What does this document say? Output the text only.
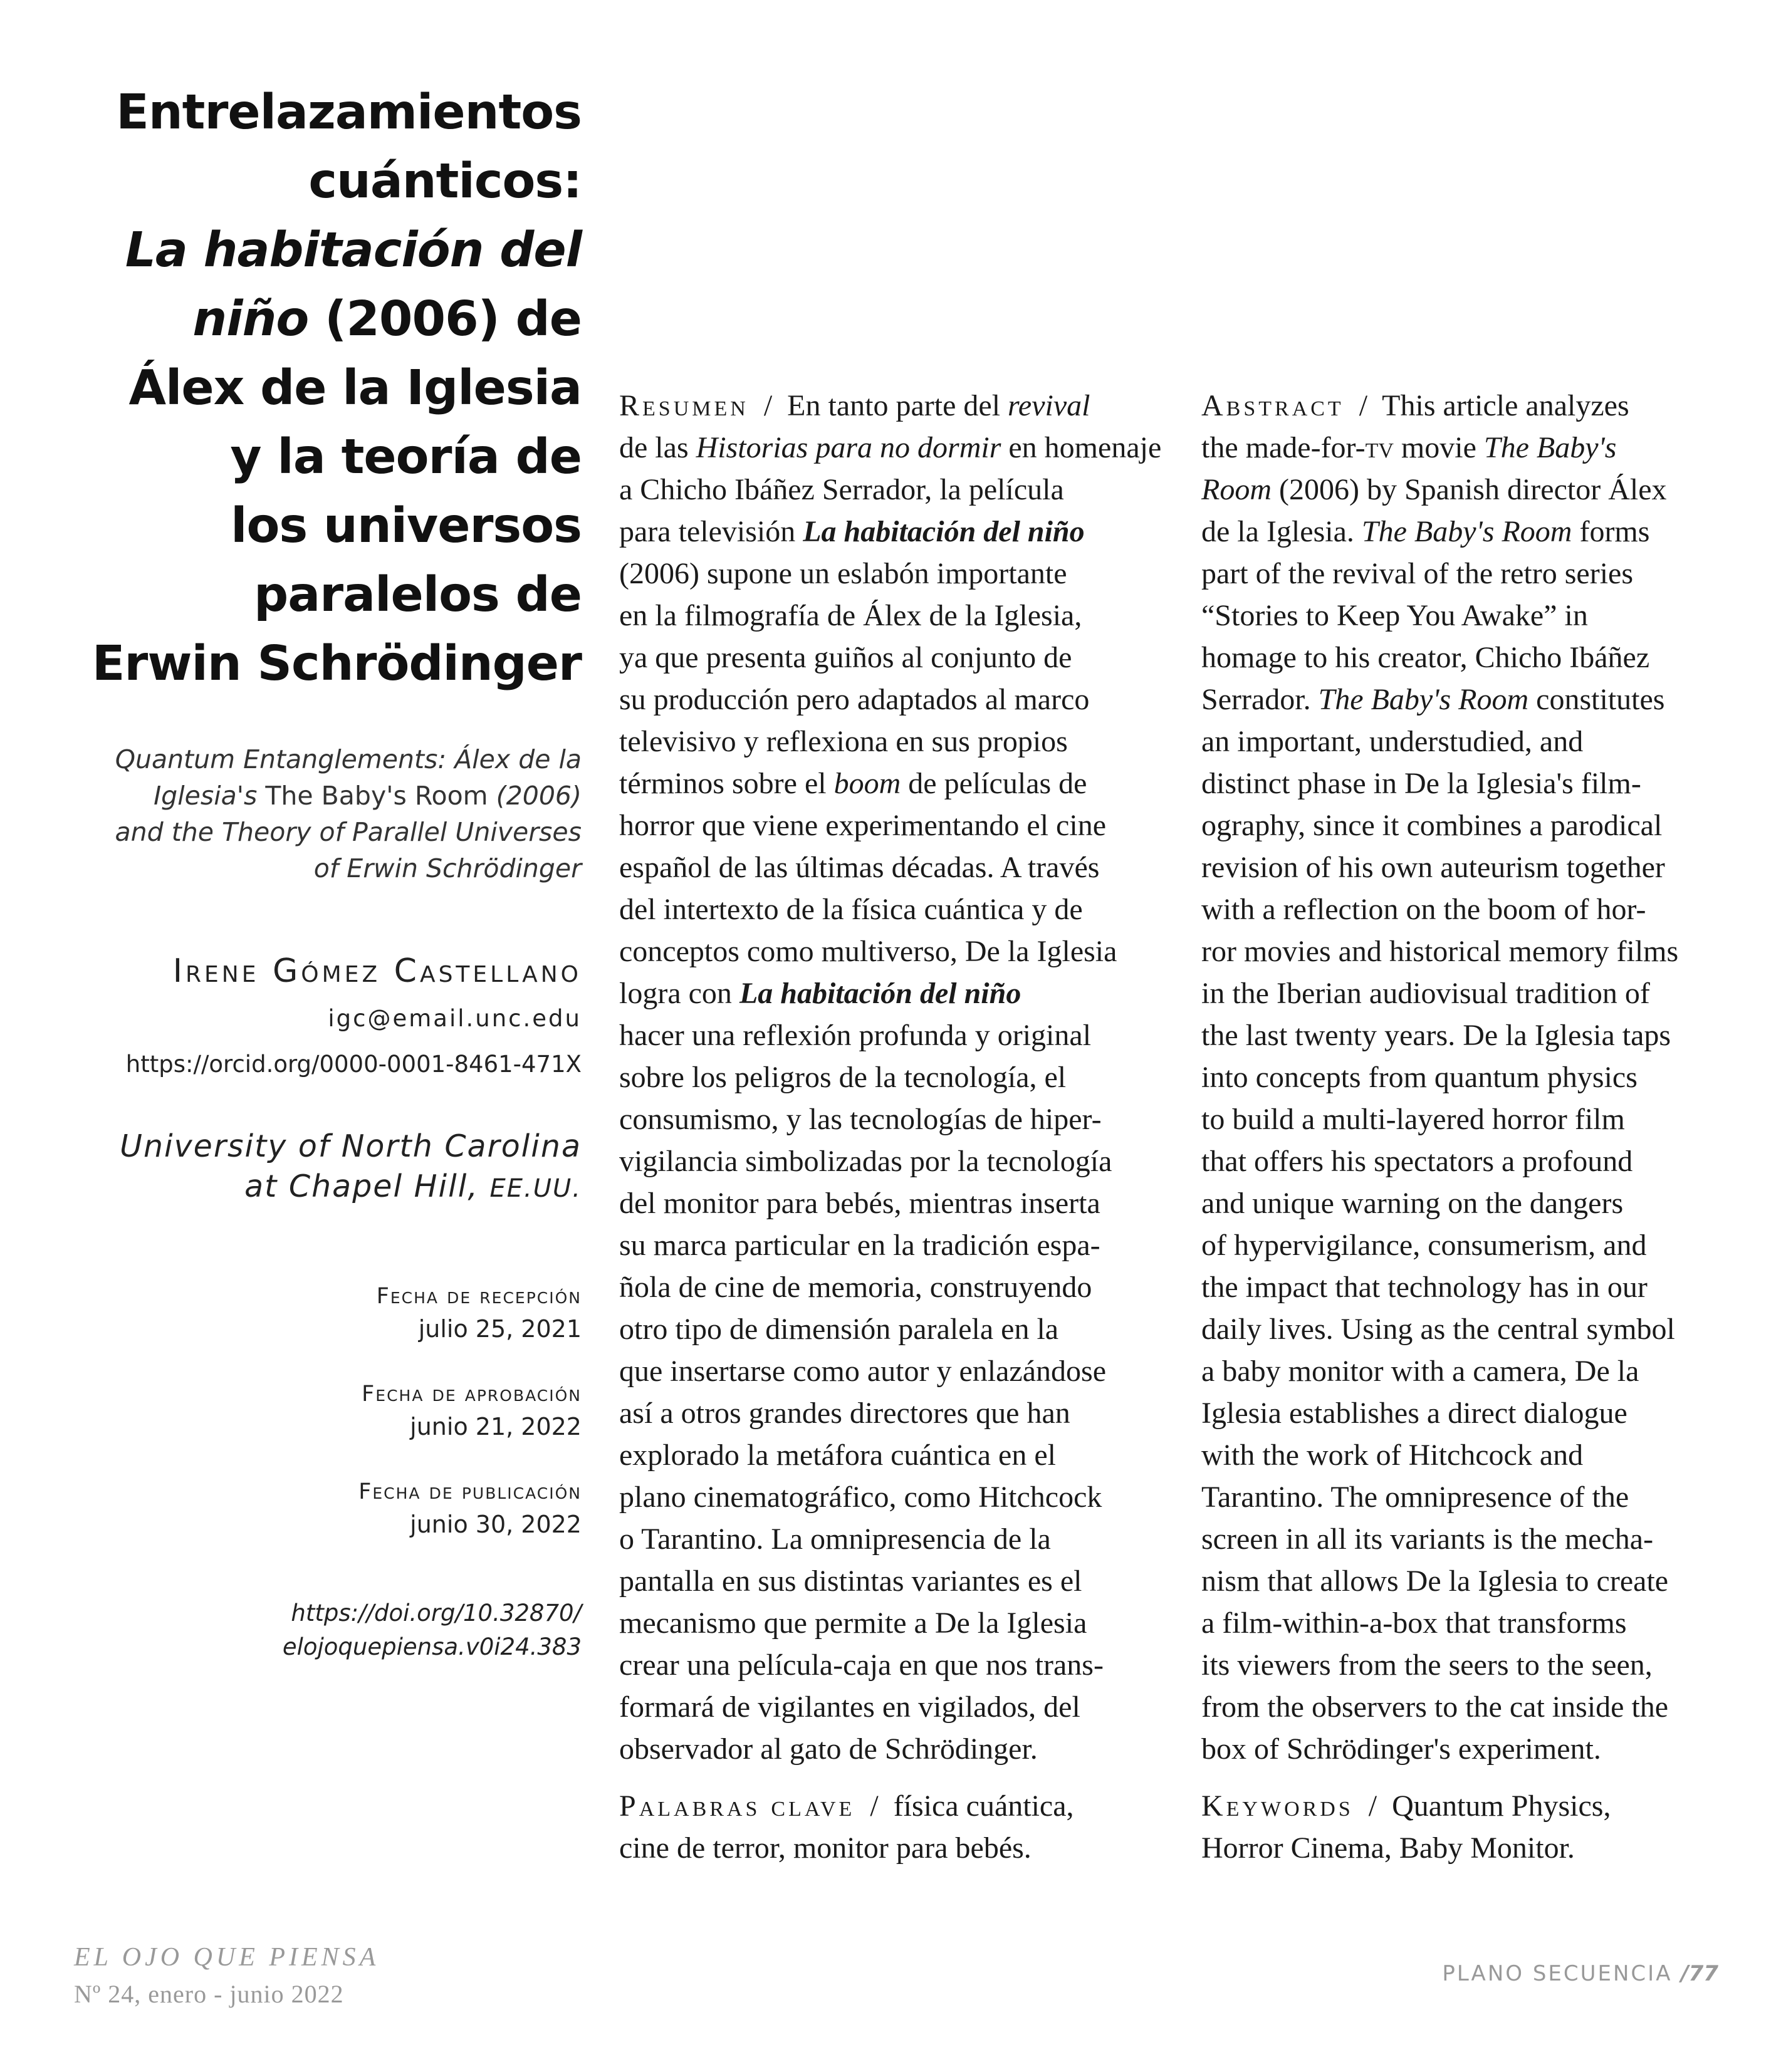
Entrelazamientos
cuánticos:
La habitación del
niño (2006) de
Álex de la Iglesia
y la teoría de
los universos
paralelos de
Erwin Schrödinger
Quantum Entanglements: Álex de la
Iglesia's The Baby's Room (2006)
and the Theory of Parallel Universes
of Erwin Schrödinger
Irene Gómez Castellano
igc@email.unc.edu
https://orcid.org/0000-0001-8461-471X
University of North Carolina
at Chapel Hill, EE.UU.
Fecha de recepción
julio 25, 2021
Fecha de aprobación
junio 21, 2022
Fecha de publicación
junio 30, 2022
https://doi.org/10.32870/
elojoquepiensa.v0i24.383
Resumen  /  En tanto parte del revival
de las Historias para no dormir en homenaje
a Chicho Ibáñez Serrador, la película
para televisión La habitación del niño
(2006) supone un eslabón importante
en la filmografía de Álex de la Iglesia,
ya que presenta guiños al conjunto de
su producción pero adaptados al marco
televisivo y reflexiona en sus propios
términos sobre el boom de películas de
horror que viene experimentando el cine
español de las últimas décadas. A través
del intertexto de la física cuántica y de
conceptos como multiverso, De la Iglesia
logra con La habitación del niño
hacer una reflexión profunda y original
sobre los peligros de la tecnología, el
consumismo, y las tecnologías de hiper-
vigilancia simbolizadas por la tecnología
del monitor para bebés, mientras inserta
su marca particular en la tradición espa-
ñola de cine de memoria, construyendo
otro tipo de dimensión paralela en la
que insertarse como autor y enlazándose
así a otros grandes directores que han
explorado la metáfora cuántica en el
plano cinematográfico, como Hitchcock
o Tarantino. La omnipresencia de la
pantalla en sus distintas variantes es el
mecanismo que permite a De la Iglesia
crear una película-caja en que nos trans-
formará de vigilantes en vigilados, del
observador al gato de Schrödinger.
Palabras clave  /  física cuántica,
cine de terror, monitor para bebés.
Abstract  /  This article analyzes
the made-for-tv movie The Baby's
Room (2006) by Spanish director Álex
de la Iglesia. The Baby's Room forms
part of the revival of the retro series
“Stories to Keep You Awake” in
homage to his creator, Chicho Ibáñez
Serrador. The Baby's Room constitutes
an important, understudied, and
distinct phase in De la Iglesia's film-
ography, since it combines a parodical
revision of his own auteurism together
with a reflection on the boom of hor-
ror movies and historical memory films
in the Iberian audiovisual tradition of
the last twenty years. De la Iglesia taps
into concepts from quantum physics
to build a multi-layered horror film
that offers his spectators a profound
and unique warning on the dangers
of hypervigilance, consumerism, and
the impact that technology has in our
daily lives. Using as the central symbol
a baby monitor with a camera, De la
Iglesia establishes a direct dialogue
with the work of Hitchcock and
Tarantino. The omnipresence of the
screen in all its variants is the mecha-
nism that allows De la Iglesia to create
a film-within-a-box that transforms
its viewers from the seers to the seen,
from the observers to the cat inside the
box of Schrödinger's experiment.
Keywords  /  Quantum Physics,
Horror Cinema, Baby Monitor.
EL OJO QUE PIENSA
Nº 24, enero - junio 2022
PLANO SECUENCIA /77
